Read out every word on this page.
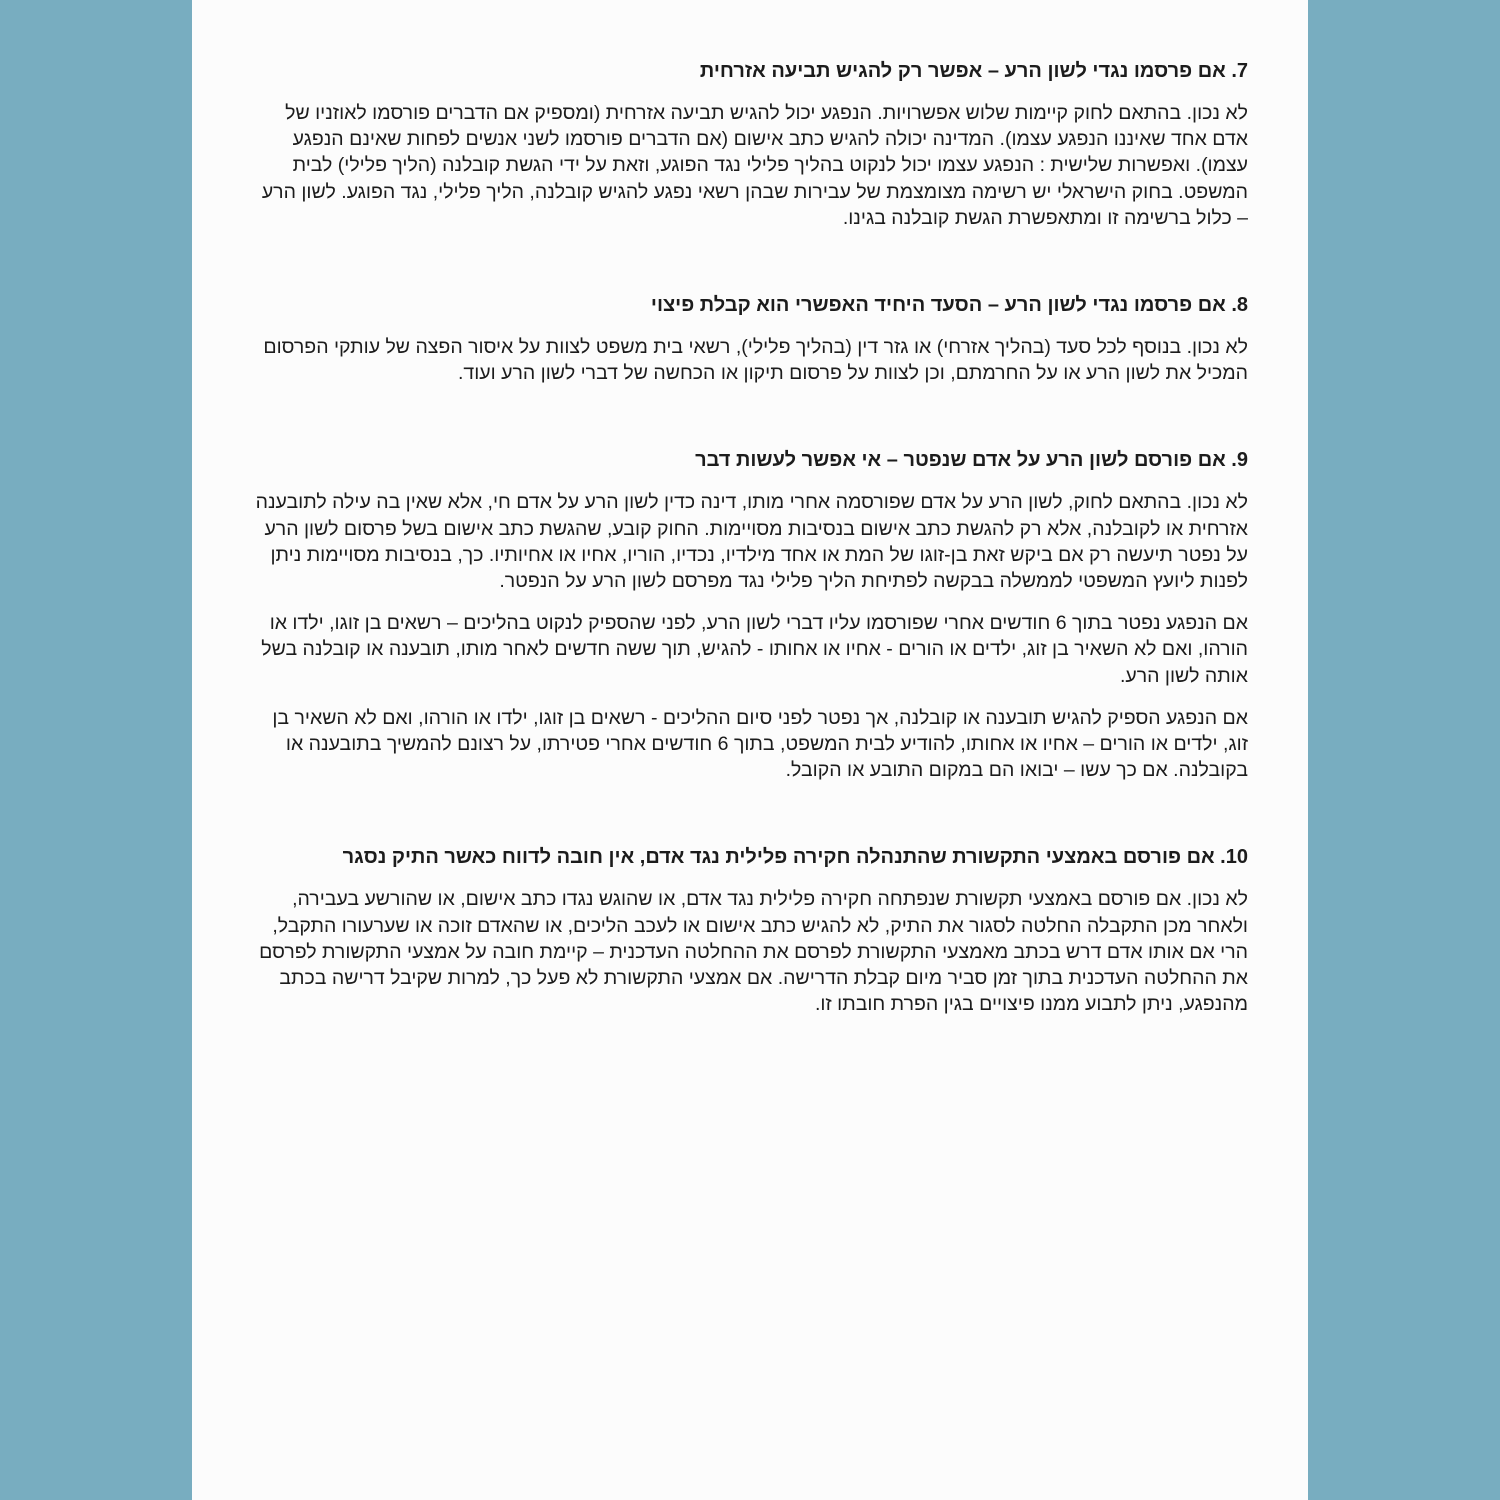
7. אם פרסמו נגדי לשון הרע – אפשר רק להגיש תביעה אזרחית

לא נכון. בהתאם לחוק קיימות שלוש אפשרויות. הנפגע יכול להגיש תביעה אזרחית (ומספיק אם הדברים פורסמו לאוזניו של אדם אחד שאיננו הנפגע עצמו). המדינה יכולה להגיש כתב אישום (אם הדברים פורסמו לשני אנשים לפחות שאינם הנפגע עצמו). ואפשרות שלישית : הנפגע עצמו יכול לנקוט בהליך פלילי נגד הפוגע, וזאת על ידי הגשת קובלנה (הליך פלילי) לבית המשפט. בחוק הישראלי יש רשימה מצומצמת של עבירות שבהן רשאי נפגע להגיש קובלנה, הליך פלילי, נגד הפוגע. לשון הרע – כלול ברשימה זו ומתאפשרת הגשת קובלנה בגינו.

8. אם פרסמו נגדי לשון הרע – הסעד היחיד האפשרי הוא קבלת פיצוי

לא נכון. בנוסף לכל סעד (בהליך אזרחי) או גזר דין (בהליך פלילי), רשאי בית משפט לצוות על איסור הפצה של עותקי הפרסום המכיל את לשון הרע או על החרמתם, וכן לצוות על פרסום תיקון או הכחשה של דברי לשון הרע ועוד.

9. אם פורסם לשון הרע על אדם שנפטר – אי אפשר לעשות דבר

לא נכון. בהתאם לחוק, לשון הרע על אדם שפורסמה אחרי מותו, דינה כדין לשון הרע על אדם חי, אלא שאין בה עילה לתובענה אזרחית או לקובלנה, אלא רק להגשת כתב אישום בנסיבות מסויימות. החוק קובע, שהגשת כתב אישום בשל פרסום לשון הרע על נפטר תיעשה רק אם ביקש זאת בן-זוגו של המת או אחד מילדיו, נכדיו, הוריו, אחיו או אחיותיו. כך, בנסיבות מסויימות ניתן לפנות ליועץ המשפטי לממשלה בבקשה לפתיחת הליך פלילי נגד מפרסם לשון הרע על הנפטר.

אם הנפגע נפטר בתוך 6 חודשים אחרי שפורסמו עליו דברי לשון הרע, לפני שהספיק לנקוט בהליכים – רשאים בן זוגו, ילדו או הורהו, ואם לא השאיר בן זוג, ילדים או הורים - אחיו או אחותו - להגיש, תוך ששה חדשים לאחר מותו, תובענה או קובלנה בשל אותה לשון הרע.

אם הנפגע הספיק להגיש תובענה או קובלנה, אך נפטר לפני סיום ההליכים - רשאים בן זוגו, ילדו או הורהו, ואם לא השאיר בן זוג, ילדים או הורים – אחיו או אחותו, להודיע לבית המשפט, בתוך 6 חודשים אחרי פטירתו, על רצונם להמשיך בתובענה או בקובלנה. אם כך עשו – יבואו הם במקום התובע או הקובל.

10. אם פורסם באמצעי התקשורת שהתנהלה חקירה פלילית נגד אדם, אין חובה לדווח כאשר התיק נסגר

לא נכון. אם פורסם באמצעי תקשורת שנפתחה חקירה פלילית נגד אדם, או שהוגש נגדו כתב אישום, או שהורשע בעבירה, ולאחר מכן התקבלה החלטה לסגור את התיק, לא להגיש כתב אישום או לעכב הליכים, או שהאדם זוכה או שערעורו התקבל, הרי אם אותו אדם דרש בכתב מאמצעי התקשורת לפרסם את ההחלטה העדכנית – קיימת חובה על אמצעי התקשורת לפרסם את ההחלטה העדכנית בתוך זמן סביר מיום קבלת הדרישה. אם אמצעי התקשורת לא פעל כך, למרות שקיבל דרישה בכתב מהנפגע, ניתן לתבוע ממנו פיצויים בגין הפרת חובתו זו.
